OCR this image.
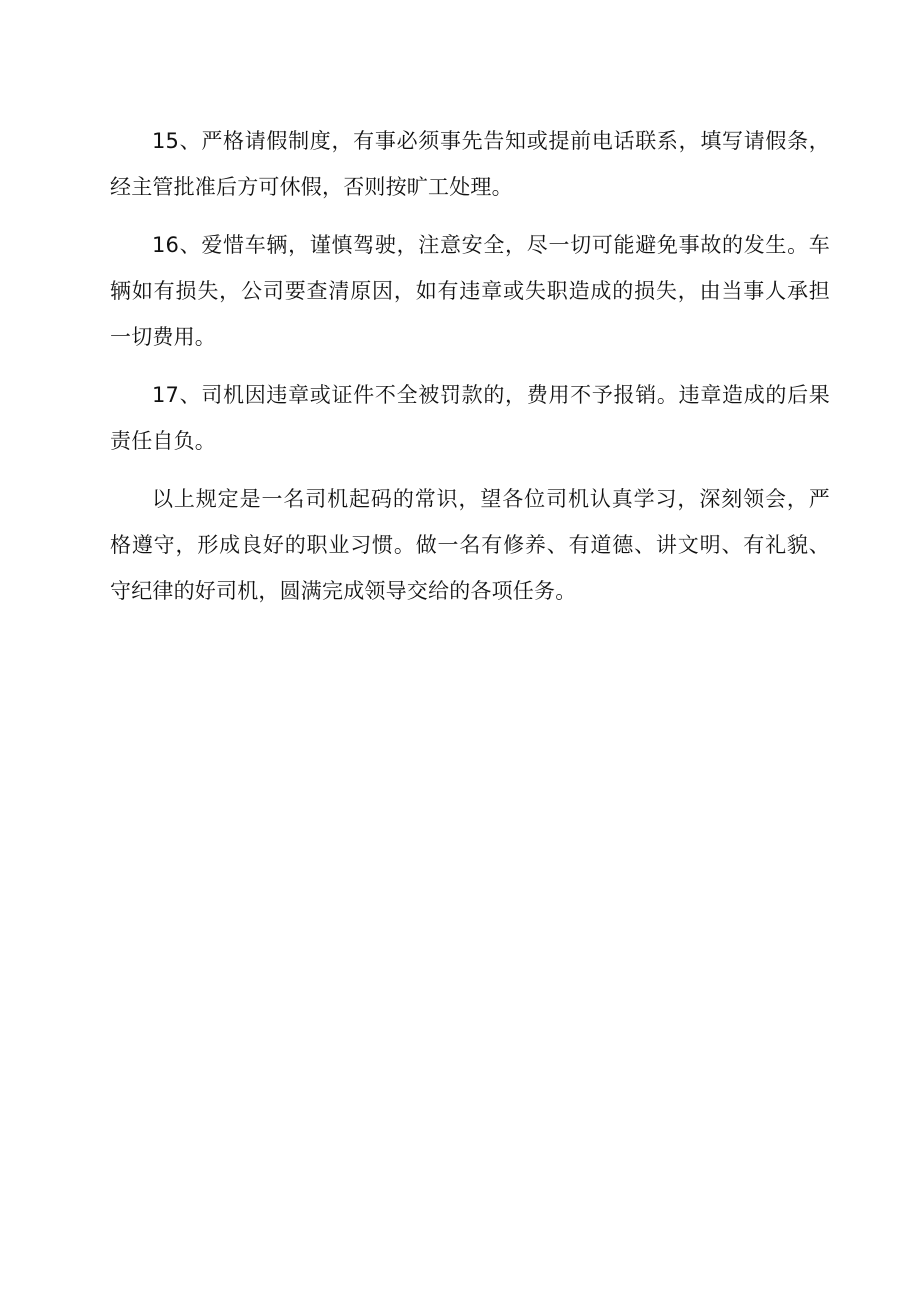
15、严格请假制度，有事必须事先告知或提前电话联系，填写请假条，经主管批准后方可休假，否则按旷工处理。

16、爱惜车辆，谨慎驾驶，注意安全，尽一切可能避免事故的发生。车辆如有损失，公司要查清原因，如有违章或失职造成的损失，由当事人承担一切费用。

17、司机因违章或证件不全被罚款的，费用不予报销。违章造成的后果责任自负。

以上规定是一名司机起码的常识，望各位司机认真学习，深刻领会，严格遵守，形成良好的职业习惯。做一名有修养、有道德、讲文明、有礼貌、守纪律的好司机，圆满完成领导交给的各项任务。
